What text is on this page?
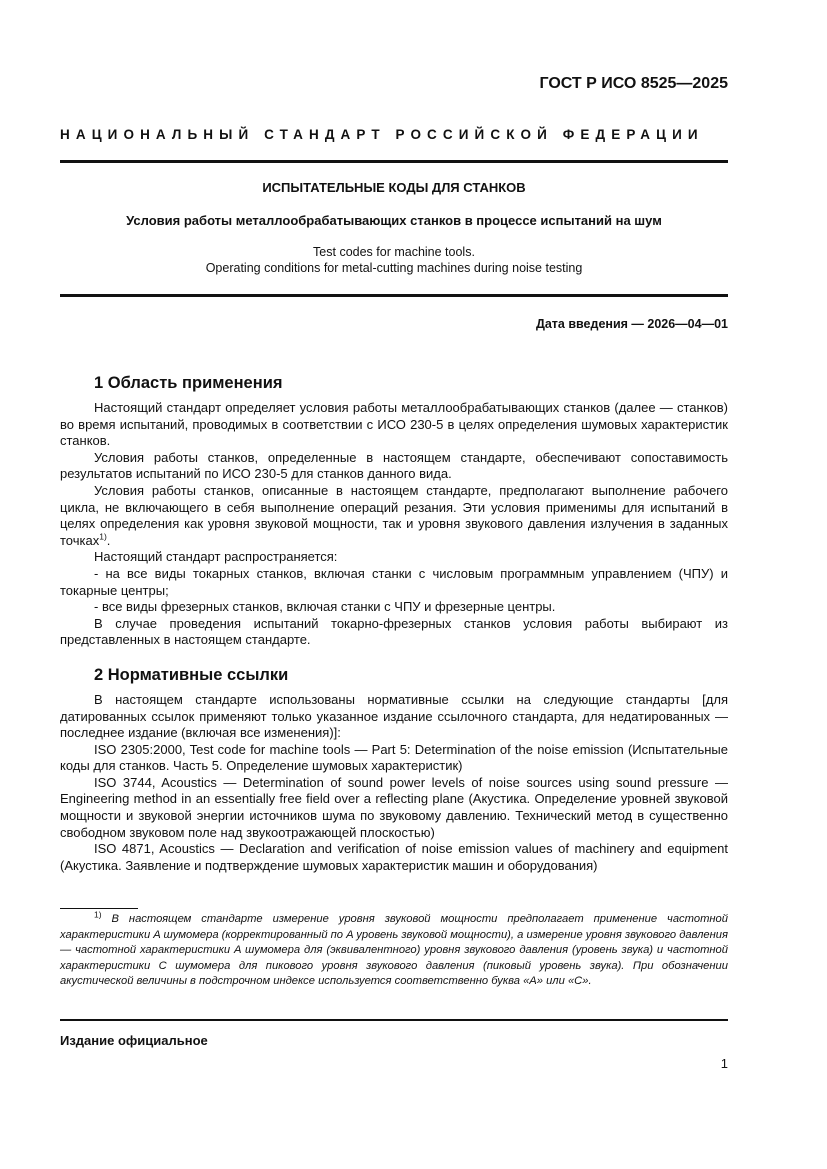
ГОСТ Р ИСО 8525—2025
НАЦИОНАЛЬНЫЙ СТАНДАРТ РОССИЙСКОЙ ФЕДЕРАЦИИ
ИСПЫТАТЕЛЬНЫЕ КОДЫ ДЛЯ СТАНКОВ
Условия работы металлообрабатывающих станков в процессе испытаний на шум
Test codes for machine tools.
Operating conditions for metal-cutting machines during noise testing
Дата введения — 2026—04—01
1 Область применения

Настоящий стандарт определяет условия работы металлообрабатывающих станков (далее — станков) во время испытаний, проводимых в соответствии с ИСО 230-5 в целях определения шумовых характеристик станков.

Условия работы станков, определенные в настоящем стандарте, обеспечивают сопоставимость результатов испытаний по ИСО 230-5 для станков данного вида.

Условия работы станков, описанные в настоящем стандарте, предполагают выполнение рабочего цикла, не включающего в себя выполнение операций резания. Эти условия применимы для испытаний в целях определения как уровня звуковой мощности, так и уровня звукового давления излучения в заданных точках$^{1)}$.

Настоящий стандарт распространяется:

- на все виды токарных станков, включая станки с числовым программным управлением (ЧПУ) и токарные центры;

- все виды фрезерных станков, включая станки с ЧПУ и фрезерные центры.

В случае проведения испытаний токарно-фрезерных станков условия работы выбирают из представленных в настоящем стандарте.

2 Нормативные ссылки

В настоящем стандарте использованы нормативные ссылки на следующие стандарты [для датированных ссылок применяют только указанное издание ссылочного стандарта, для недатированных — последнее издание (включая все изменения)]:

ISO 2305:2000, Test code for machine tools — Part 5: Determination of the noise emission (Испытательные коды для станков. Часть 5. Определение шумовых характеристик)

ISO 3744, Acoustics — Determination of sound power levels of noise sources using sound pressure — Engineering method in an essentially free field over a reflecting plane (Акустика. Определение уровней звуковой мощности и звуковой энергии источников шума по звуковому давлению. Технический метод в существенно свободном звуковом поле над звукоотражающей плоскостью)

ISO 4871, Acoustics — Declaration and verification of noise emission values of machinery and equipment (Акустика. Заявление и подтверждение шумовых характеристик машин и оборудования)

$^{1)}$ В настоящем стандарте измерение уровня звуковой мощности предполагает применение частотной характеристики A шумомера (корректированный по A уровень звуковой мощности), а измерение уровня звукового давления — частотной характеристики A шумомера для (эквивалентного) уровня звукового давления (уровень звука) и частотной характеристики C шумомера для пикового уровня звукового давления (пиковый уровень звука). При обозначении акустической величины в подстрочном индексе используется соответственно буква «A» или «C».
Издание официальное
1
